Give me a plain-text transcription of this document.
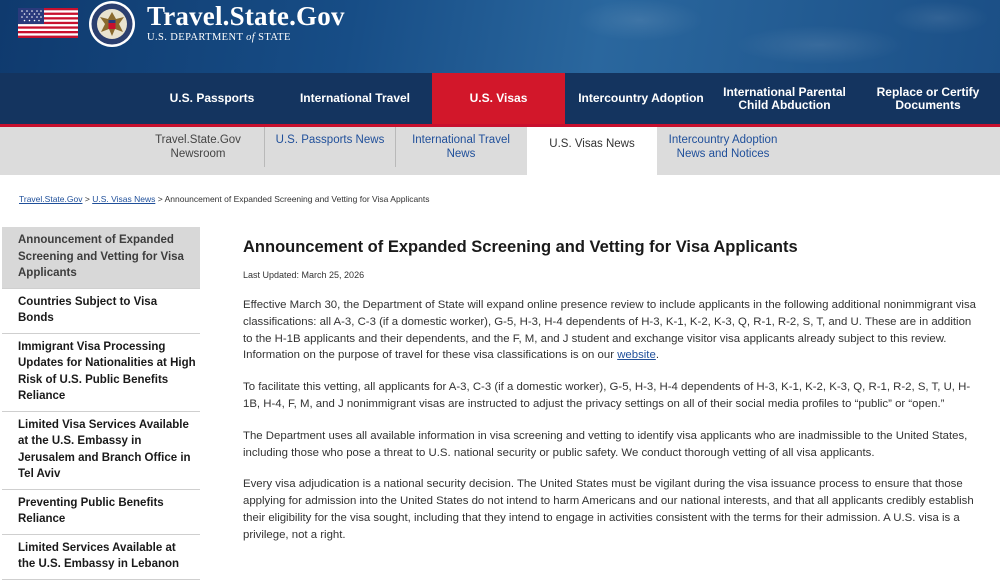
Travel.State.Gov
U.S. DEPARTMENT of STATE
U.S. Passports	International Travel	U.S. Visas	Intercountry Adoption International Parental Child Abduction
Replace or Certify Documents
Travel.State.Gov Newsroom
U.S. Passports News	International Travel News
U.S. Visas News	Intercountry Adoption News and Notices
Travel.State.Gov > U.S. Visas News > Announcement of Expanded Screening and Vetting for Visa Applicants
Announcement of Expanded Screening and Vetting for Visa Applicants
Countries Subject to Visa Bonds
Immigrant Visa Processing Updates for Nationalities at High Risk of U.S. Public Benefits Reliance
Limited Visa Services Available at the U.S. Embassy in Jerusalem and Branch Office in Tel Aviv
Preventing Public Benefits Reliance
Limited Services Available at the U.S. Embassy in Lebanon
Announcement of Expanded Screening and Vetting for Visa Applicants
Last Updated: March 25, 2026

Effective March 30, the Department of State will expand online presence review to include applicants in the following additional nonimmigrant visa classifications: all A-3, C-3 (if a domestic worker), G-5, H-3, H-4 dependents of H-3, K-1, K-2, K-3, Q, R-1, R-2, S, T, and U. These are in addition to the H-1B applicants and their dependents, and the F, M, and J student and exchange visitor visa applicants already subject to this review. Information on the purpose of travel for these visa classifications is on our website.

To facilitate this vetting, all applicants for A-3, C-3 (if a domestic worker), G-5, H-3, H-4 dependents of H-3, K-1, K-2, K-3, Q, R-1, R-2, S, T, U, H-1B, H-4, F, M, and J nonimmigrant visas are instructed to adjust the privacy settings on all of their social media profiles to “public” or “open.”

The Department uses all available information in visa screening and vetting to identify visa applicants who are inadmissible to the United States, including those who pose a threat to U.S. national security or public safety. We conduct thorough vetting of all visa applicants.

Every visa adjudication is a national security decision. The United States must be vigilant during the visa issuance process to ensure that those applying for admission into the United States do not intend to harm Americans and our national interests, and that all applicants credibly establish their eligibility for the visa sought, including that they intend to engage in activities consistent with the terms for their admission. A U.S. visa is a privilege, not a right.
